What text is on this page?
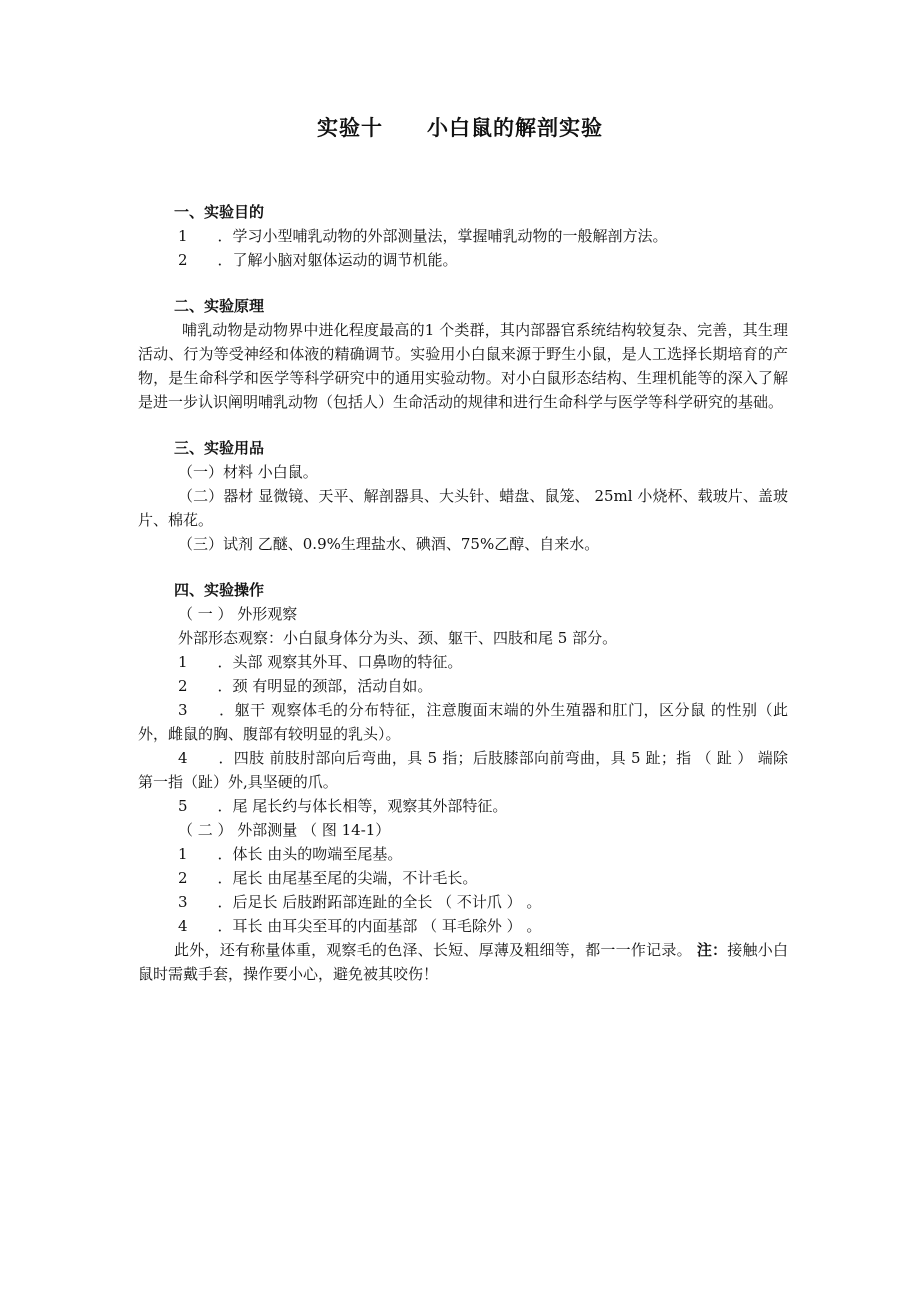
实验十　　小白鼠的解剖实验
一、实验目的
1　　．学习小型哺乳动物的外部测量法，掌握哺乳动物的一般解剖方法。
2　　．了解小脑对躯体运动的调节机能。
二、实验原理
哺乳动物是动物界中进化程度最高的1 个类群，其内部器官系统结构较复杂、完善，其生理活动、行为等受神经和体液的精确调节。实验用小白鼠来源于野生小鼠，是人工选择长期培育的产物，是生命科学和医学等科学研究中的通用实验动物。对小白鼠形态结构、生理机能等的深入了解是进一步认识阐明哺乳动物（包括人）生命活动的规律和进行生命科学与医学等科学研究的基础。
三、实验用品
（一）材料 小白鼠。
（二）器材 显微镜、天平、解剖器具、大头针、蜡盘、鼠笼、 25ml 小烧杯、载玻片、盖玻片、棉花。
（三）试剂 乙醚、0.9%生理盐水、碘酒、75%乙醇、自来水。
四、实验操作
（ 一 ） 外形观察
外部形态观察：小白鼠身体分为头、颈、躯干、四肢和尾 5 部分。
1　　．头部 观察其外耳、口鼻吻的特征。
2　　．颈 有明显的颈部，活动自如。
3　　．躯干 观察体毛的分布特征，注意腹面末端的外生殖器和肛门，区分鼠 的性别（此外，雌鼠的胸、腹部有较明显的乳头）。
4　　．四肢 前肢肘部向后弯曲，具 5 指；后肢膝部向前弯曲，具 5 趾；指 （ 趾 ） 端除第一指（趾）外,具坚硬的爪。
5　　．尾 尾长约与体长相等，观察其外部特征。
（ 二 ） 外部测量 （ 图 14-1）
1　　．体长 由头的吻端至尾基。
2　　．尾长 由尾基至尾的尖端，不计毛长。
3　　．后足长 后肢跗跖部连趾的全长 （ 不计爪 ） 。
4　　．耳长 由耳尖至耳的内面基部 （ 耳毛除外 ） 。
此外，还有称量体重，观察毛的色泽、长短、厚薄及粗细等，都一一作记录。 注：接触小白鼠时需戴手套，操作要小心，避免被其咬伤！
